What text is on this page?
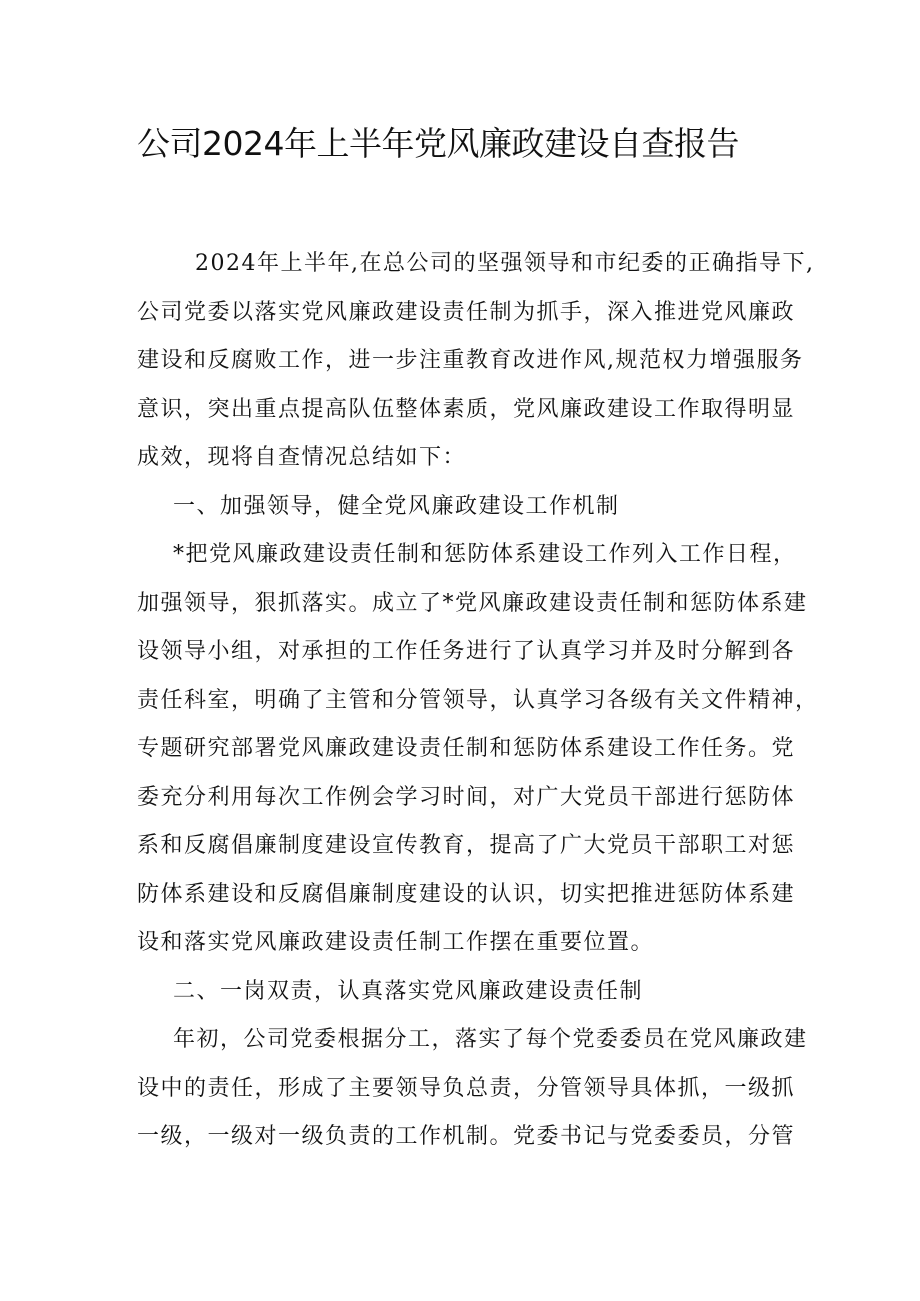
公司2024年上半年党风廉政建设自查报告

2024年上半年,在总公司的坚强领导和市纪委的正确指导下,
公司党委以落实党风廉政建设责任制为抓手，深入推进党风廉政
建设和反腐败工作，进一步注重教育改进作风,规范权力增强服务
意识，突出重点提高队伍整体素质，党风廉政建设工作取得明显
成效，现将自查情况总结如下：

一、加强领导，健全党风廉政建设工作机制

*把党风廉政建设责任制和惩防体系建设工作列入工作日程，
加强领导，狠抓落实。成立了*党风廉政建设责任制和惩防体系建
设领导小组，对承担的工作任务进行了认真学习并及时分解到各
责任科室，明确了主管和分管领导，认真学习各级有关文件精神，
专题研究部署党风廉政建设责任制和惩防体系建设工作任务。党
委充分利用每次工作例会学习时间，对广大党员干部进行惩防体
系和反腐倡廉制度建设宣传教育，提高了广大党员干部职工对惩
防体系建设和反腐倡廉制度建设的认识，切实把推进惩防体系建
设和落实党风廉政建设责任制工作摆在重要位置。

二、一岗双责，认真落实党风廉政建设责任制

年初，公司党委根据分工，落实了每个党委委员在党风廉政建
设中的责任，形成了主要领导负总责，分管领导具体抓，一级抓
一级，一级对一级负责的工作机制。党委书记与党委委员，分管
